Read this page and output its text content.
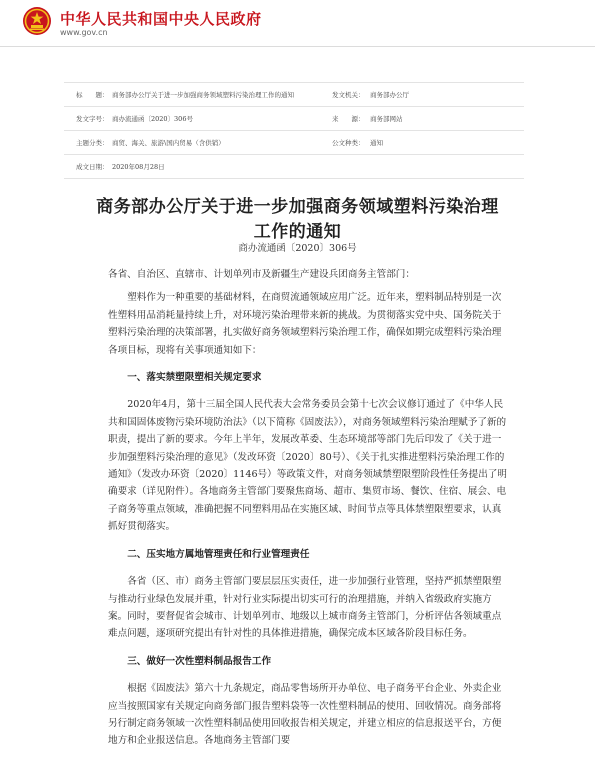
中华人民共和国中央人民政府
www.gov.cn
标　　题： 商务部办公厅关于进一步加强商务领域塑料污染治理工作的通知	发文机关： 商务部办公厅
发文字号： 商办流通函〔2020〕306号	来　　源： 商务部网站
主题分类： 商贸、海关、旅游\国内贸易（含供销）	公文种类： 通知
成文日期： 2020年08月28日
商务部办公厅关于进一步加强商务领域塑料污染治理
工作的通知
商办流通函〔2020〕306号

各省、自治区、直辖市、计划单列市及新疆生产建设兵团商务主管部门：

塑料作为一种重要的基础材料，在商贸流通领域应用广泛。近年来，塑料制品特别是一次性塑料用品消耗量持续上升，对环境污染治理带来新的挑战。为贯彻落实党中央、国务院关于塑料污染治理的决策部署，扎实做好商务领域塑料污染治理工作，确保如期完成塑料污染治理各项目标，现将有关事项通知如下：

一、落实禁塑限塑相关规定要求

2020年4月，第十三届全国人民代表大会常务委员会第十七次会议修订通过了《中华人民共和国固体废物污染环境防治法》（以下简称《固废法》），对商务领域塑料污染治理赋予了新的职责，提出了新的要求。今年上半年，发展改革委、生态环境部等部门先后印发了《关于进一步加强塑料污染治理的意见》（发改环资〔2020〕80号）、《关于扎实推进塑料污染治理工作的通知》（发改办环资〔2020〕1146号）等政策文件，对商务领域禁塑限塑阶段性任务提出了明确要求（详见附件）。各地商务主管部门要聚焦商场、超市、集贸市场、餐饮、住宿、展会、电子商务等重点领域，准确把握不同塑料用品在实施区域、时间节点等具体禁塑限塑要求，认真抓好贯彻落实。

二、压实地方属地管理责任和行业管理责任

各省（区、市）商务主管部门要层层压实责任，进一步加强行业管理，坚持严抓禁塑限塑与推动行业绿色发展并重，针对行业实际提出切实可行的治理措施，并纳入省级政府实施方案。同时，要督促省会城市、计划单列市、地级以上城市商务主管部门，分析评估各领域重点难点问题，逐项研究提出有针对性的具体推进措施，确保完成本区域各阶段目标任务。

三、做好一次性塑料制品报告工作

根据《固废法》第六十九条规定，商品零售场所开办单位、电子商务平台企业、外卖企业应当按照国家有关规定向商务部门报告塑料袋等一次性塑料制品的使用、回收情况。商务部将另行制定商务领域一次性塑料制品使用回收报告相关规定，并建立相应的信息报送平台，方便地方和企业报送信息。各地商务主管部门要
